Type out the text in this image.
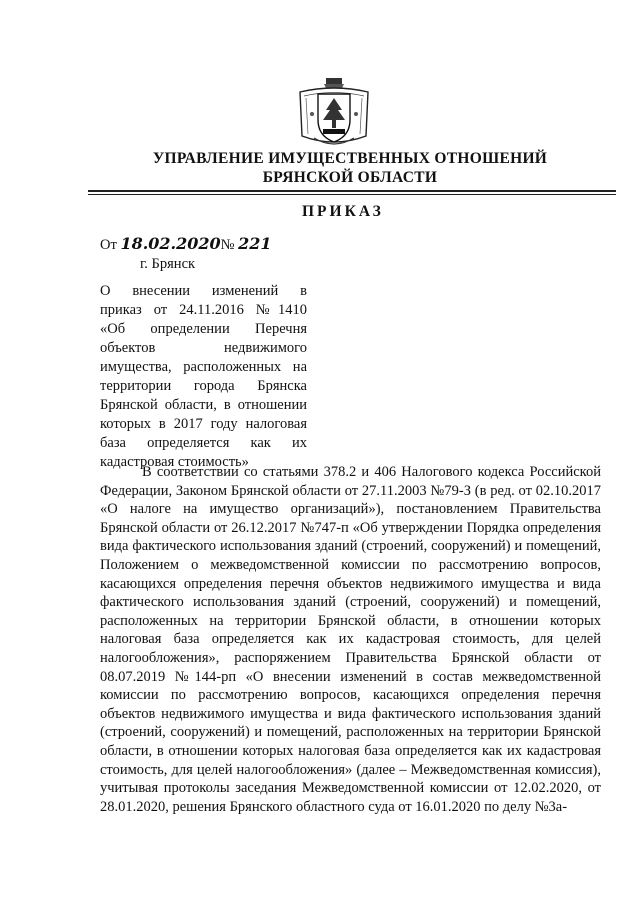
УПРАВЛЕНИЕ ИМУЩЕСТВЕННЫХ ОТНОШЕНИЙ
БРЯНСКОЙ ОБЛАСТИ
ПРИКАЗ
От 18.02.2020№ 221
г. Брянск
О внесении изменений в
приказ от 24.11.2016 №1410
«Об определении Перечня
объектов недвижимого
имущества, расположенных на
территории города Брянска
Брянской области, в отношении
которых в 2017 году налоговая
база определяется как их
кадастровая стоимость»
В соответствии со статьями 378.2 и 406 Налогового кодекса Российской Федерации, Законом Брянской области от 27.11.2003 №79-З (в ред. от 02.10.2017 «О налоге на имущество организаций»), постановлением Правительства Брянской области от 26.12.2017 №747-п «Об утверждении Порядка определения вида фактического использования зданий (строений, сооружений) и помещений, Положением о межведомственной комиссии по рассмотрению вопросов, касающихся определения перечня объектов недвижимого имущества и вида фактического использования зданий (строений, сооружений) и помещений, расположенных на территории Брянской области, в отношении которых налоговая база определяется как их кадастровая стоимость, для целей налогообложения», распоряжением Правительства Брянской области от 08.07.2019 №144-рп «О внесении изменений в состав межведомственной комиссии по рассмотрению вопросов, касающихся определения перечня объектов недвижимого имущества и вида фактического использования зданий (строений, сооружений) и помещений, расположенных на территории Брянской области, в отношении которых налоговая база определяется как их кадастровая стоимость, для целей налогообложения» (далее – Межведомственная комиссия), учитывая протоколы заседания Межведомственной комиссии от 12.02.2020, от 28.01.2020, решения Брянского областного суда от 16.01.2020 по делу №3а-
